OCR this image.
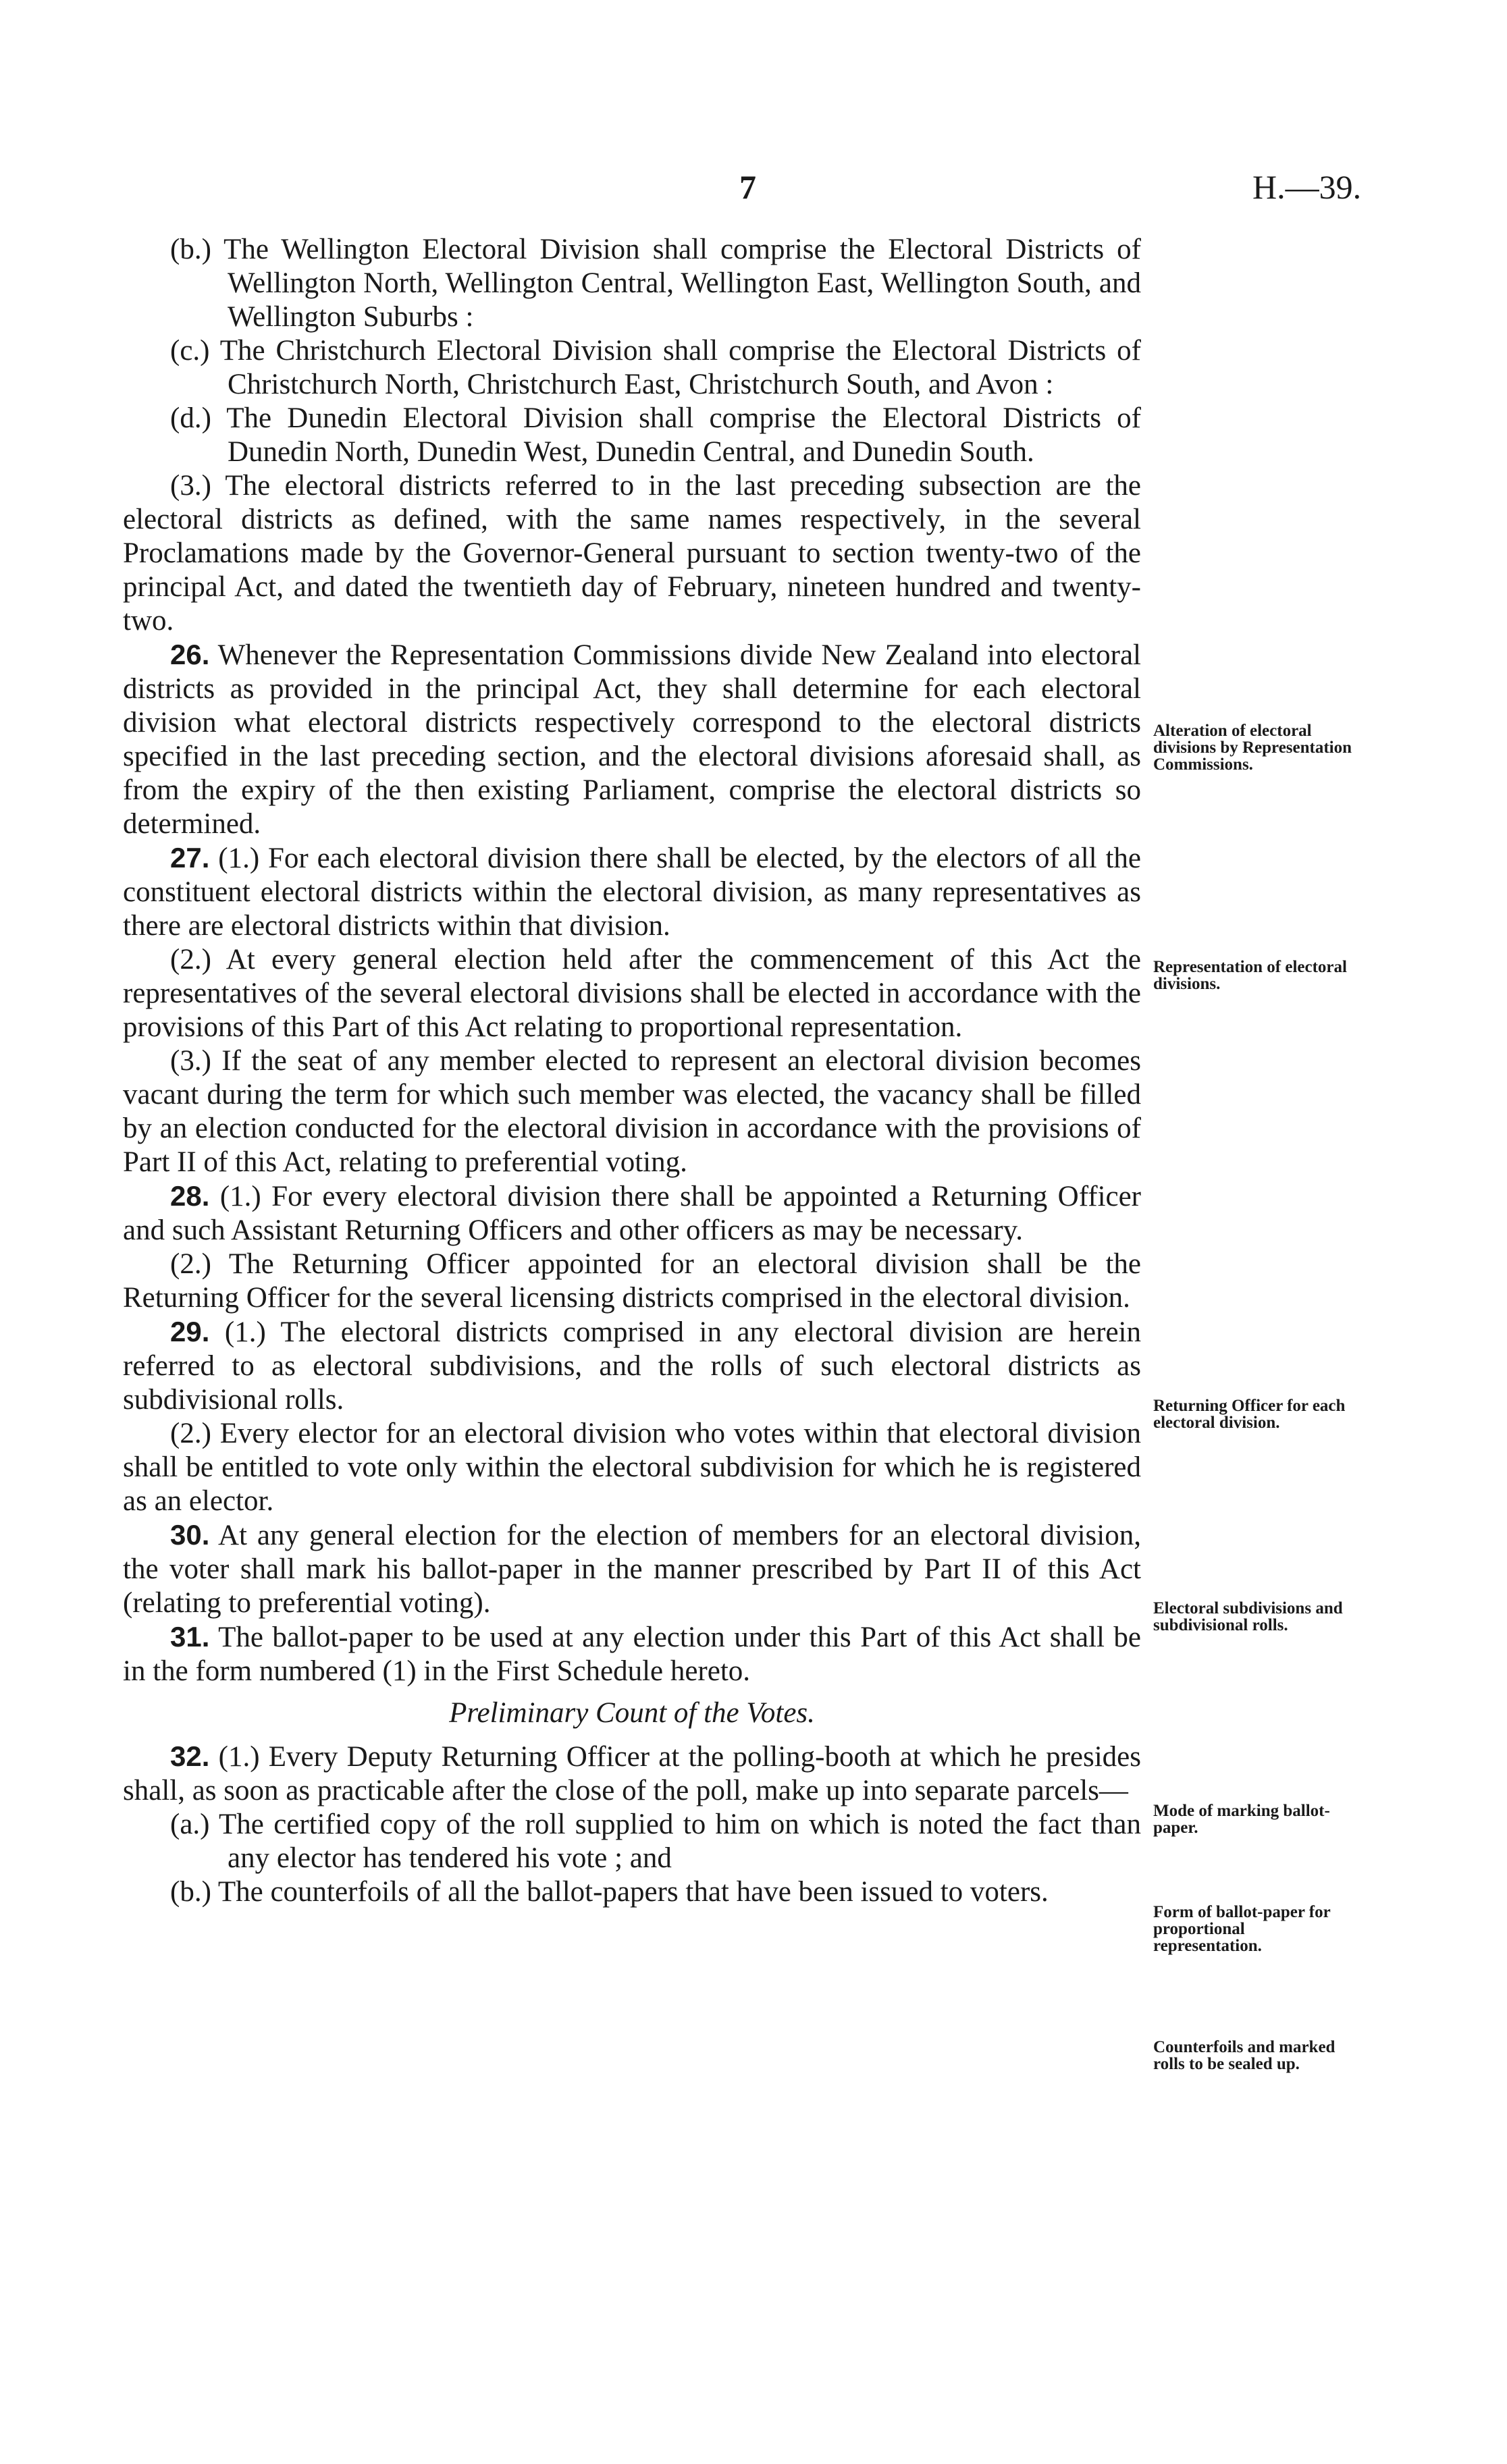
7	H.—39.

(b.) The Wellington Electoral Division shall comprise the Electoral Districts of Wellington North, Wellington Central, Wellington East, Wellington South, and Wellington Suburbs :

(c.) The Christchurch Electoral Division shall comprise the Electoral Districts of Christchurch North, Christchurch East, Christchurch South, and Avon :

(d.) The Dunedin Electoral Division shall comprise the Electoral Districts of Dunedin North, Dunedin West, Dunedin Central, and Dunedin South.

(3.) The electoral districts referred to in the last preceding subsection are the electoral districts as defined, with the same names respectively, in the several Proclamations made by the Governor-General pursuant to section twenty-two of the principal Act, and dated the twentieth day of February, nineteen hundred and twenty-two.

26. Whenever the Representation Commissions divide New Zealand into electoral districts as provided in the principal Act, they shall determine for each electoral division what electoral districts respectively correspond to the electoral districts specified in the last preceding section, and the electoral divisions aforesaid shall, as from the expiry of the then existing Parliament, comprise the electoral districts so determined.

27. (1.) For each electoral division there shall be elected, by the electors of all the constituent electoral districts within the electoral division, as many representatives as there are electoral districts within that division.

(2.) At every general election held after the commencement of this Act the representatives of the several electoral divisions shall be elected in accordance with the provisions of this Part of this Act relating to proportional representation.

(3.) If the seat of any member elected to represent an electoral division becomes vacant during the term for which such member was elected, the vacancy shall be filled by an election conducted for the electoral division in accordance with the provisions of Part II of this Act, relating to preferential voting.

28. (1.) For every electoral division there shall be appointed a Returning Officer and such Assistant Returning Officers and other officers as may be necessary.

(2.) The Returning Officer appointed for an electoral division shall be the Returning Officer for the several licensing districts comprised in the electoral division.

29. (1.) The electoral districts comprised in any electoral division are herein referred to as electoral subdivisions, and the rolls of such electoral districts as subdivisional rolls.

(2.) Every elector for an electoral division who votes within that electoral division shall be entitled to vote only within the electoral subdivision for which he is registered as an elector.

30. At any general election for the election of members for an electoral division, the voter shall mark his ballot-paper in the manner prescribed by Part II of this Act (relating to preferential voting).

31. The ballot-paper to be used at any election under this Part of this Act shall be in the form numbered (1) in the First Schedule hereto.

Preliminary Count of the Votes.

32. (1.) Every Deputy Returning Officer at the polling-booth at which he presides shall, as soon as practicable after the close of the poll, make up into separate parcels—

(a.) The certified copy of the roll supplied to him on which is noted the fact than any elector has tendered his vote ; and

(b.) The counterfoils of all the ballot-papers that have been issued to voters.

Alteration of electoral divisions by Representation Commissions.
Representation of electoral divisions.
Returning Officer for each electoral division.
Electoral subdivisions and subdivisional rolls.
Mode of marking ballot-paper.
Form of ballot-paper for proportional representation.
Counterfoils and marked rolls to be sealed up.
